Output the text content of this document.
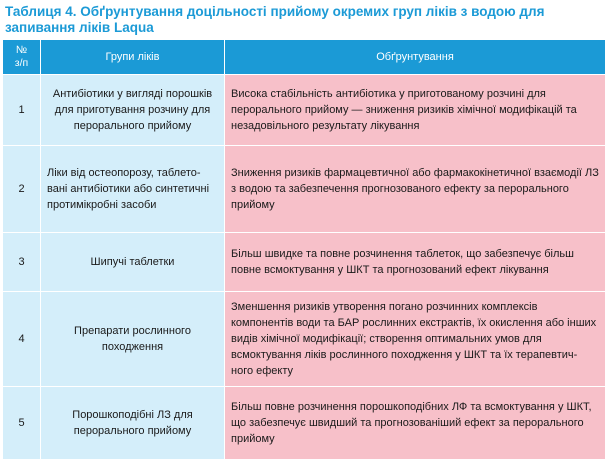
Таблиця 4. Обґрунтування доцільності прийому окремих груп ліків з водою для запивання ліків Laqua
№
з/п	Групи ліків	Обґрунтування
1	Антибіотики у вигляді порошків для приготування розчину для перорального прийому	Висока стабільність антибіотика у приготованому розчині для перорального прийому — зниження ризиків хімічної модифікацій та незадовільного результату лікування
2	Ліки від остеопорозу, таблето-вані антибіотики або синтетичні протимікробні засоби	Зниження ризиків фармацевтичної або фармакокінетичної взаємодії ЛЗ з водою та забезпечення прогнозованого ефекту за перорального прийому
3	Шипучі таблетки	Більш швидке та повне розчинення таблеток, що забезпечує більш повне всмоктування у ШКТ та прогнозований ефект лікування
4	Препарати рослинного походження	Зменшення ризиків утворення погано розчинних комплексів компонентів води та БАР рослинних екстрактів, їх окислення або інших видів хімічної модифікації; створення оптимальних умов для всмоктування ліків рослинного походження у ШКТ та їх терапевтич-ного ефекту
5	Порошкоподібні ЛЗ для перорального прийому	Більш повне розчинення порошкоподібних ЛФ та всмоктування у ШКТ, що забезпечує швидший та прогнозованіший ефект за перорального прийому
